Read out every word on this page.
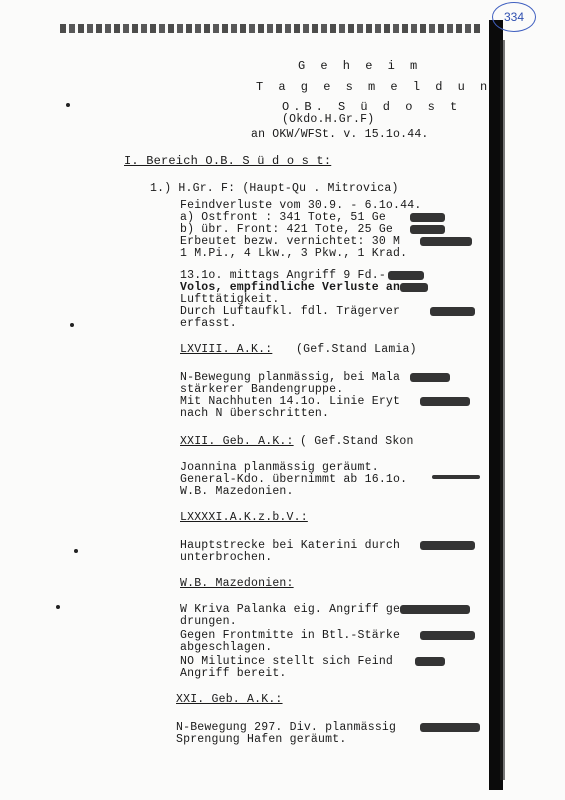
334
G e h e i m
T a g e s m e l d u n
O.B. S ü d o s t
(Okdo.H.Gr.F)
an OKW/WFSt. v. 15.1o.44.
I. Bereich O.B. S ü d o s t:
1.) H.Gr. F: (Haupt-Qu . Mitrovica)
Feindverluste vom 30.9. - 6.1o.44.
a) Ostfront : 341 Tote, 51 Ge
b) übr. Front: 421 Tote, 25 Ge
Erbeutet bezw. vernichtet: 30 M
1 M.Pi., 4 Lkw., 3 Pkw., 1 Krad.
13.1o. mittags Angriff 9 Fd.-
Volos, empfindliche Verluste an
Lufttätigkeit.
Durch Luftaufkl. fdl. Trägerver
erfasst.
LXVIII. A.K.: (Gef.Stand Lamia)
N-Bewegung planmässig, bei Mala
stärkerer Bandengruppe.
Mit Nachhuten 14.1o. Linie Eryt
nach N überschritten.
XXII. Geb. A.K.: ( Gef.Stand Skon
Joannina planmässig geräumt.
General-Kdo. übernimmt ab 16.1o.
W.B. Mazedonien.
LXXXXI.A.K.z.b.V.:
Hauptstrecke bei Katerini durch
unterbrochen.
W.B. Mazedonien:
W Kriva Palanka eig. Angriff ge
drungen.
Gegen Frontmitte in Btl.-Stärke
abgeschlagen.
NO Milutince stellt sich Feind
Angriff bereit.
XXI. Geb. A.K.:
N-Bewegung 297. Div. planmässig
Sprengung Hafen geräumt.
